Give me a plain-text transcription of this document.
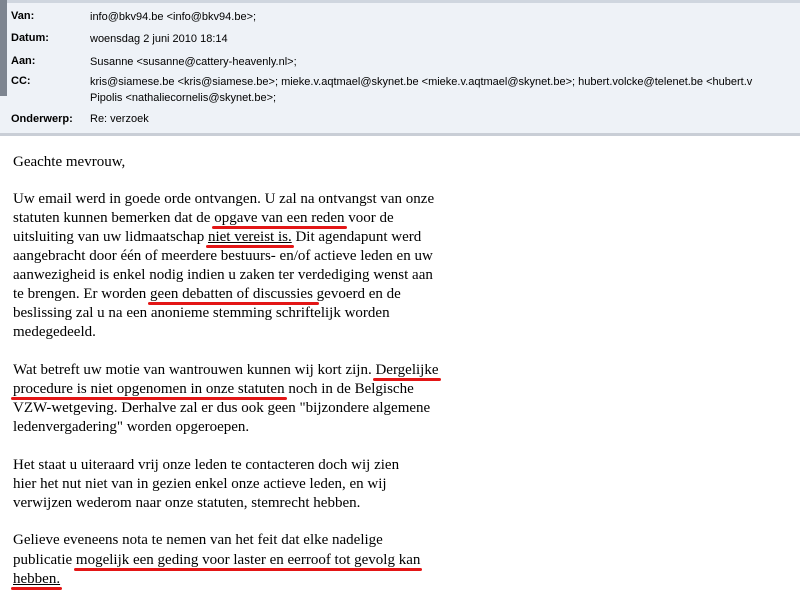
Van:	info@bkv94.be <info@bkv94.be>;
Datum:	woensdag 2 juni 2010 18:14
Aan:	Susanne <susanne@cattery-heavenly.nl>;
CC:	kris@siamese.be <kris@siamese.be>; mieke.v.aqtmael@skynet.be <mieke.v.aqtmael@skynet.be>; hubert.volcke@telenet.be <hubert.v
Pipolis <nathaliecornelis@skynet.be>;
Onderwerp: Re: verzoek
Geachte mevrouw,
Uw email werd in goede orde ontvangen. U zal na ontvangst van onze
statuten kunnen bemerken dat de opgave van een reden
voor de
uitsluiting van uw lidmaatschap niet vereist is.
Dit agendapunt werd
aangebracht door één of meerdere bestuurs- en/of actieve leden en uw
aanwezigheid is enkel nodig indien u zaken ter verdediging wenst aan
te brengen. Er worden geen debatten of discussies
gevoerd en de
beslissing zal u na een anonieme stemming schriftelijk worden
medegedeeld.
Wat betreft uw motie van wantrouwen kunnen wij kort zijn. Dergelijke
procedure is niet opgenomen in onze statuten
noch in de Belgische
VZW-wetgeving. Derhalve zal er dus ook geen "bijzondere algemene
ledenvergadering" worden opgeroepen.
Het staat u uiteraard vrij onze leden te contacteren doch wij zien
hier het nut niet van in gezien enkel onze actieve leden, en wij
verwijzen wederom naar onze statuten, stemrecht hebben.
Gelieve eveneens nota te nemen van het feit dat elke nadelige
publicatie mogelijk een geding voor laster en eerroof tot gevolg kan
hebben.
